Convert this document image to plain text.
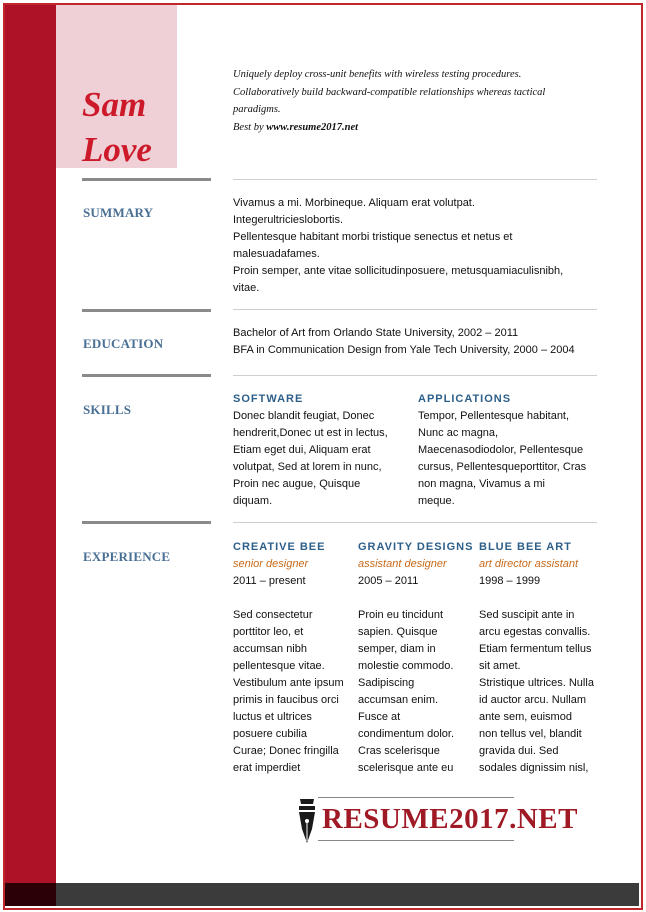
Sam
Love
Uniquely deploy cross-unit benefits with wireless testing procedures.
Collaboratively build backward-compatible relationships whereas tactical
paradigms.
Best by www.resume2017.net
SUMMARY
Vivamus a mi. Morbineque. Aliquam erat volutpat.
Integerultricieslobortis.
Pellentesque habitant morbi tristique senectus et netus et
malesuadafames.
Proin semper, ante vitae sollicitudinposuere, metusquamiaculisnibh,
vitae.
EDUCATION
Bachelor of Art from Orlando State University, 2002 – 2011
BFA in Communication Design from Yale Tech University, 2000 – 2004
SKILLS
SOFTWARE
Donec blandit feugiat, Donec
hendrerit,Donec ut est in lectus,
Etiam eget dui, Aliquam erat
volutpat, Sed at lorem in nunc,
Proin nec augue, Quisque
diquam.
APPLICATIONS
Tempor, Pellentesque habitant,
Nunc ac magna,
Maecenasodiodolor, Pellentesque
cursus, Pellentesqueporttitor, Cras
non magna, Vivamus a mi
meque.
EXPERIENCE
CREATIVE BEE
senior designer
2011 – present
Sed consectetur
porttitor leo, et
accumsan nibh
pellentesque vitae.
Vestibulum ante ipsum
primis in faucibus orci
luctus et ultrices
posuere cubilia
Curae; Donec fringilla
erat imperdiet
GRAVITY DESIGNS
assistant designer
2005 – 2011
Proin eu tincidunt
sapien. Quisque
semper, diam in
molestie commodo.
Sadipiscing
accumsan enim.
Fusce at
condimentum dolor.
Cras scelerisque
scelerisque ante eu
BLUE BEE ART
art director assistant
1998 – 1999
Sed suscipit ante in
arcu egestas convallis.
Etiam fermentum tellus
sit amet.
Stristique ultrices. Nulla
id auctor arcu. Nullam
ante sem, euismod
non tellus vel, blandit
gravida dui. Sed
sodales dignissim nisl,
RESUME2017.NET
